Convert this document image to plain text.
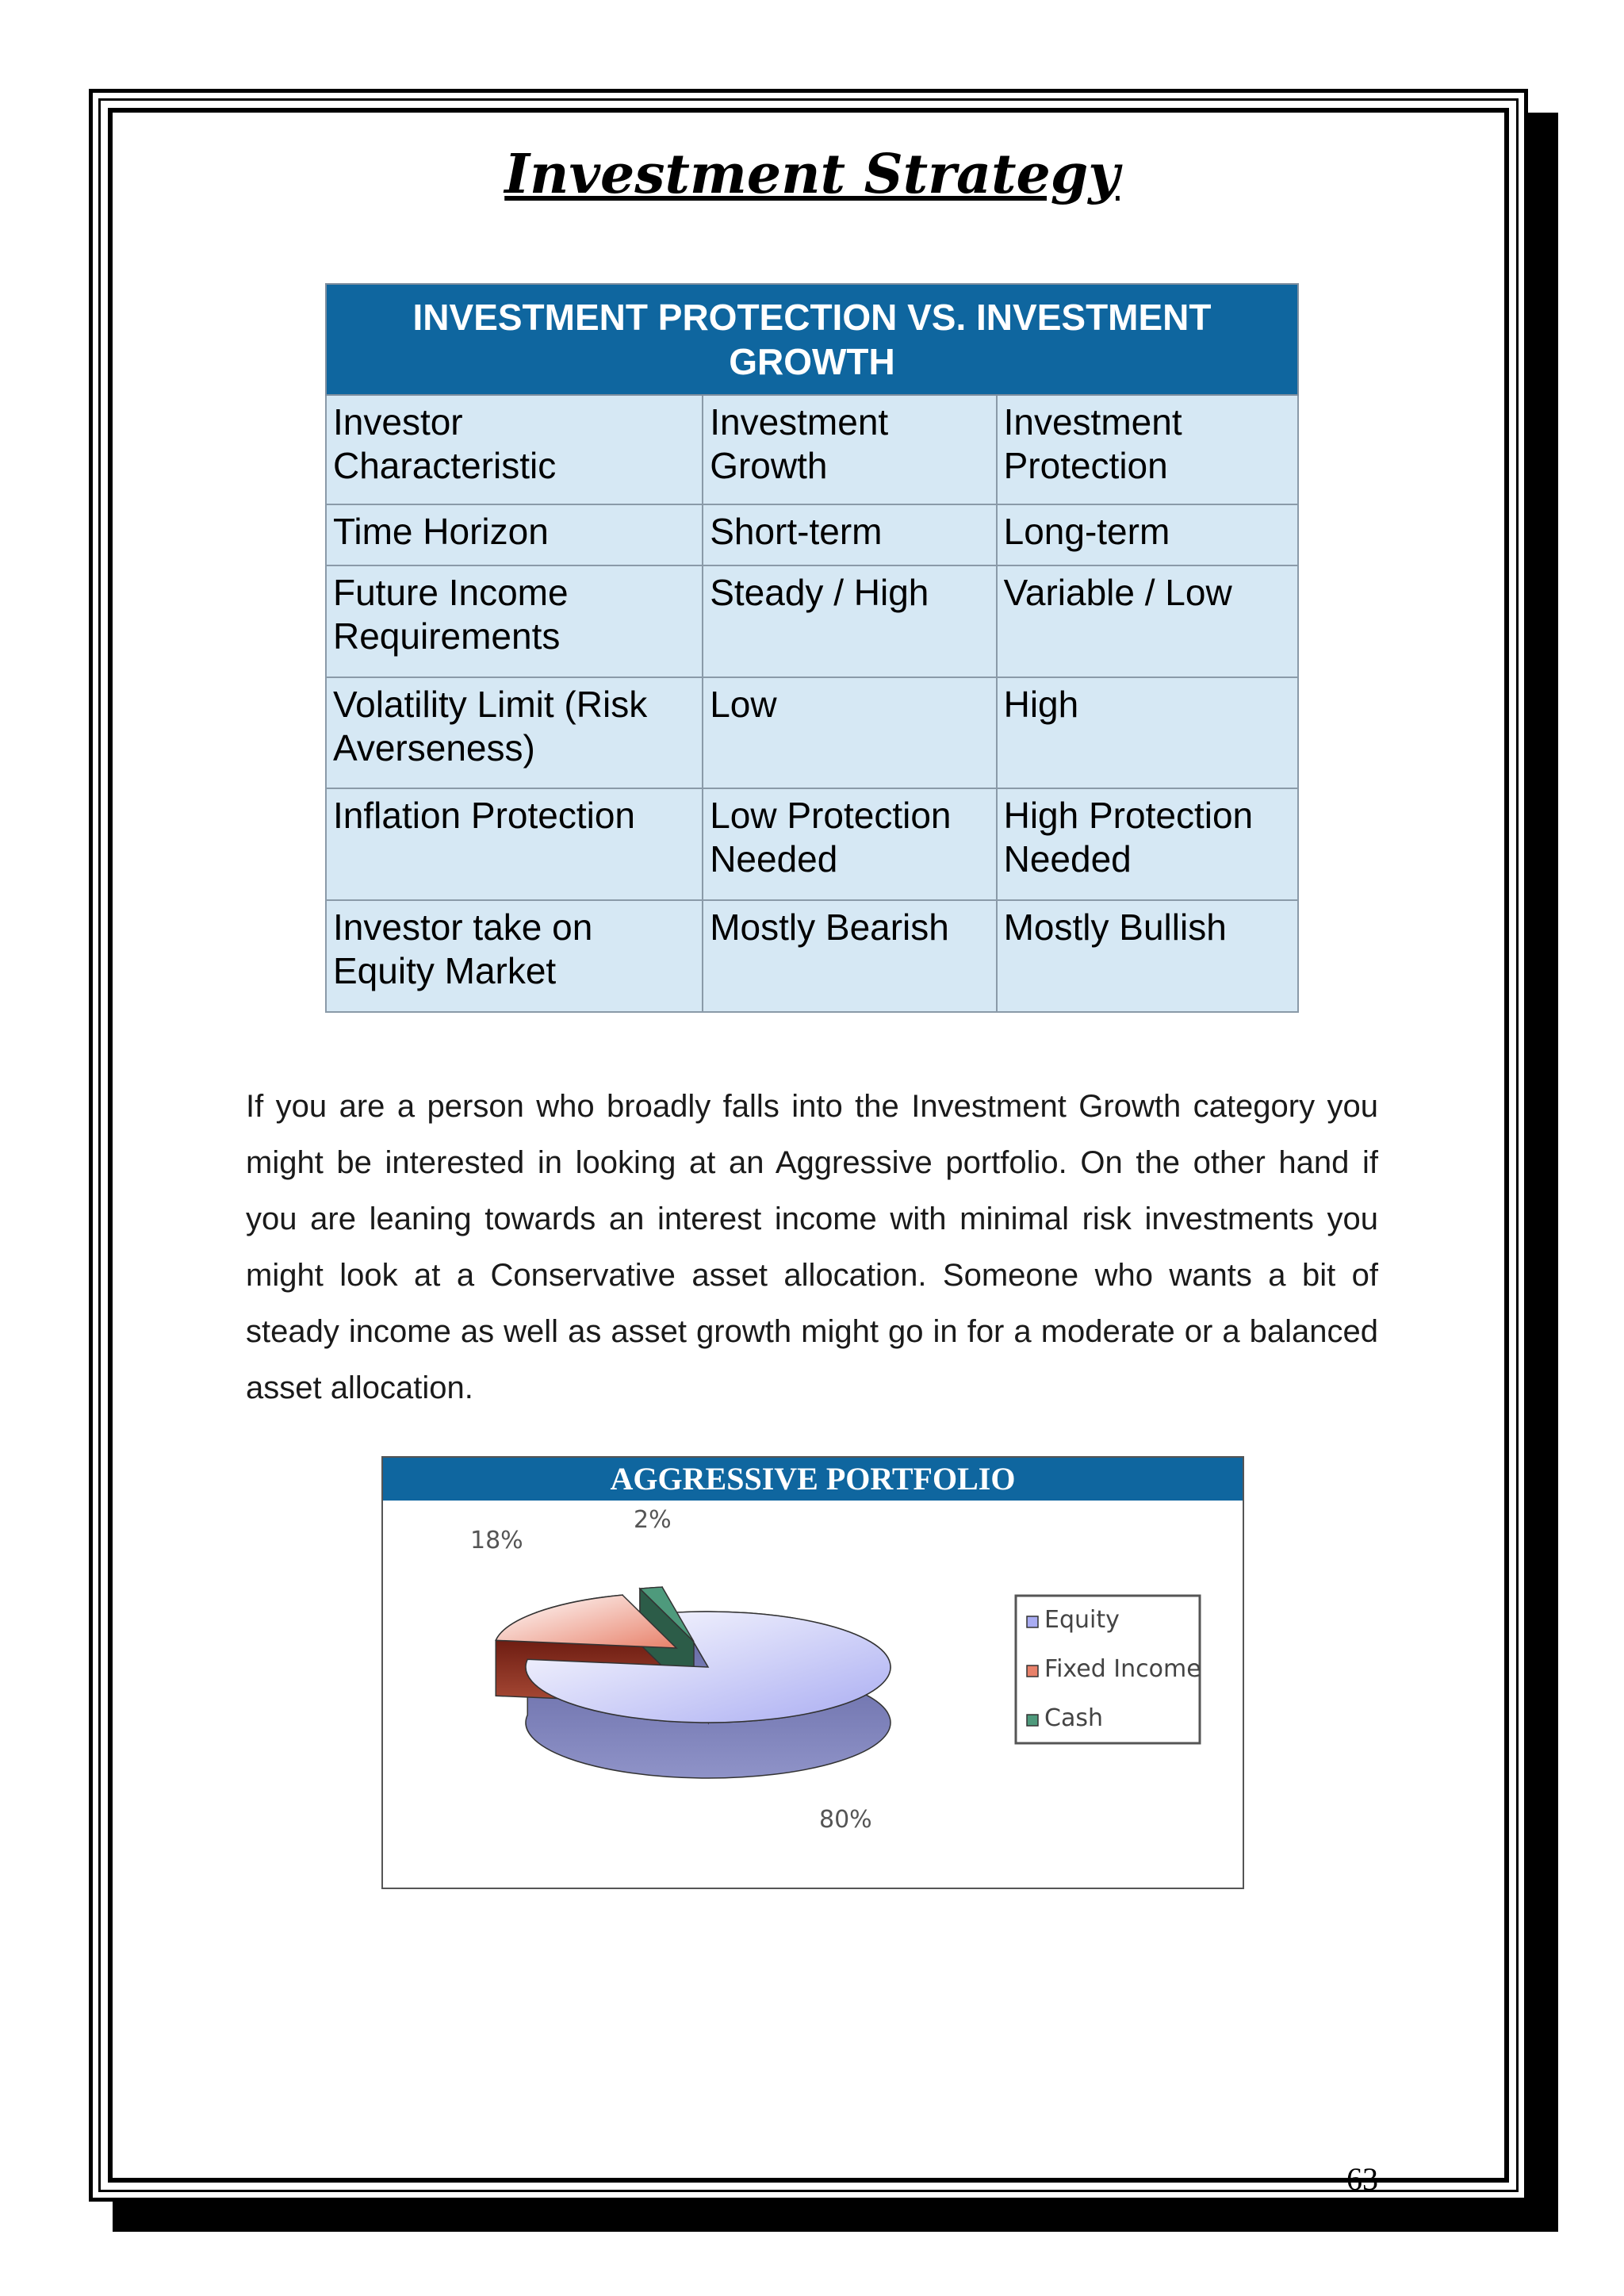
Investment Strategy
INVESTMENT PROTECTION VS. INVESTMENT GROWTH		
Investor Characteristic	Investment Growth	Investment Protection
Time Horizon	Short-term	Long-term
Future Income Requirements	Steady / High	Variable / Low
Volatility Limit (Risk Averseness)	Low	High
Inflation Protection	Low Protection Needed	High Protection Needed
Investor take on Equity Market	Mostly Bearish	Mostly Bullish
If you are a person who broadly falls into the Investment Growth category you might be interested in looking at an Aggressive portfolio. On the other hand if you are leaning towards an interest income with minimal risk investments you might look at a Conservative asset allocation. Someone who wants a bit of steady income as well as asset growth might go in for a moderate or a balanced asset allocation.
AGGRESSIVE PORTFOLIO
80%
18%
2%
Equity
Fixed Income
Cash
63
